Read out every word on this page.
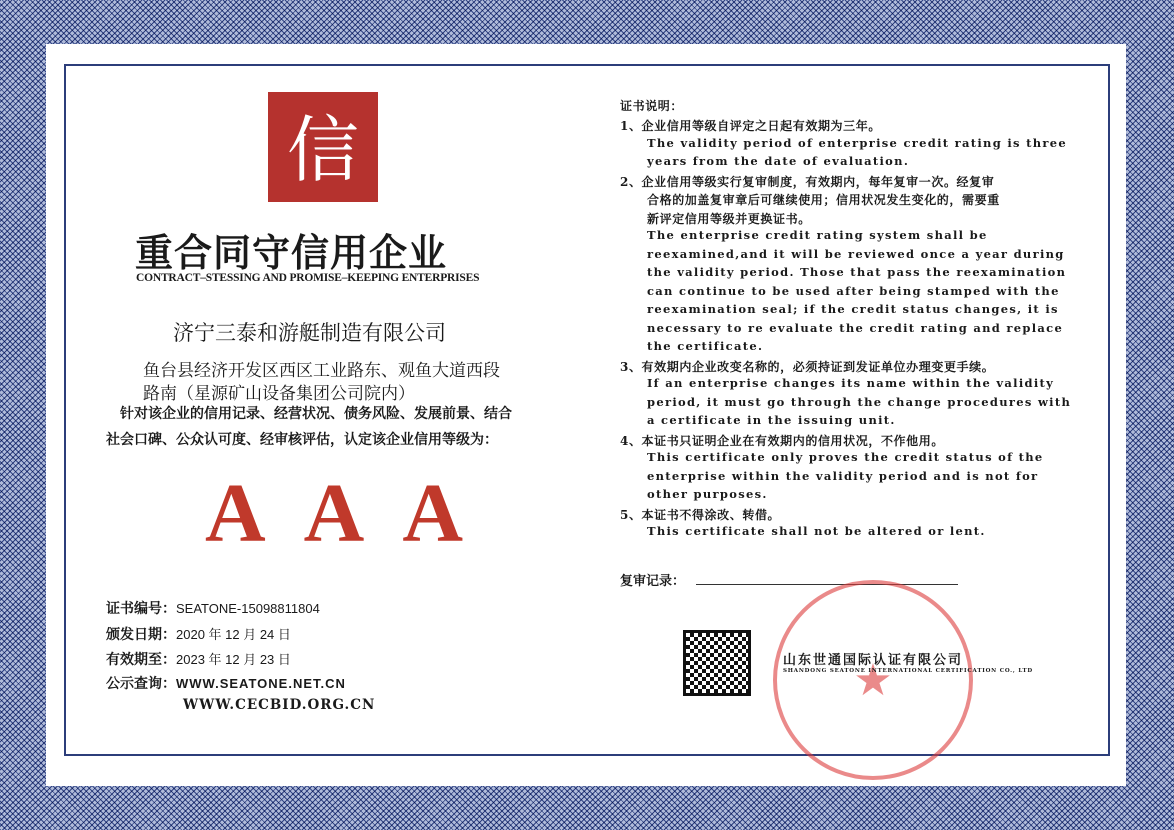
信
重合同守信用企业
CONTRACT–STESSING AND PROMISE–KEEPING ENTERPRISES
济宁三泰和游艇制造有限公司
鱼台县经济开发区西区工业路东、观鱼大道西段
路南（星源矿山设备集团公司院内）
针对该企业的信用记录、经营状况、债务风险、发展前景、结合
社会口碑、公众认可度、经审核评估，认定该企业信用等级为：
AAA
证书编号：SEATONE-15098811804
颁发日期：2020 年 12 月 24 日
有效期至：2023 年 12 月 23 日
公示查询：WWW.SEATONE.NET.CN
WWW.CECBID.ORG.CN
证书说明：
1、企业信用等级自评定之日起有效期为三年。
The validity period of enterprise credit rating is three
years from the date of evaluation.
2、企业信用等级实行复审制度，有效期内，每年复审一次。经复审
合格的加盖复审章后可继续使用；信用状况发生变化的，需要重
新评定信用等级并更换证书。
The enterprise credit rating system shall be
reexamined,and it will be reviewed once a year during
the validity period. Those that pass the reexamination
can continue to be used after being stamped with the
reexamination seal; if the credit status changes, it is
necessary to re evaluate the credit rating and replace
the certificate.
3、有效期内企业改变名称的，必须持证到发证单位办理变更手续。
If an enterprise changes its name within the validity
period, it must go through the change procedures with
a certificate in the issuing unit.
4、本证书只证明企业在有效期内的信用状况，不作他用。
This certificate only proves the credit status of the
enterprise within the validity period and is not for
other purposes.
5、本证书不得涂改、转借。
This certificate shall not be altered or lent.
复审记录：
★
山东世通国际认证有限公司
SHANDONG SEATONE INTERNATIONAL CERTIFICATION CO., LTD
